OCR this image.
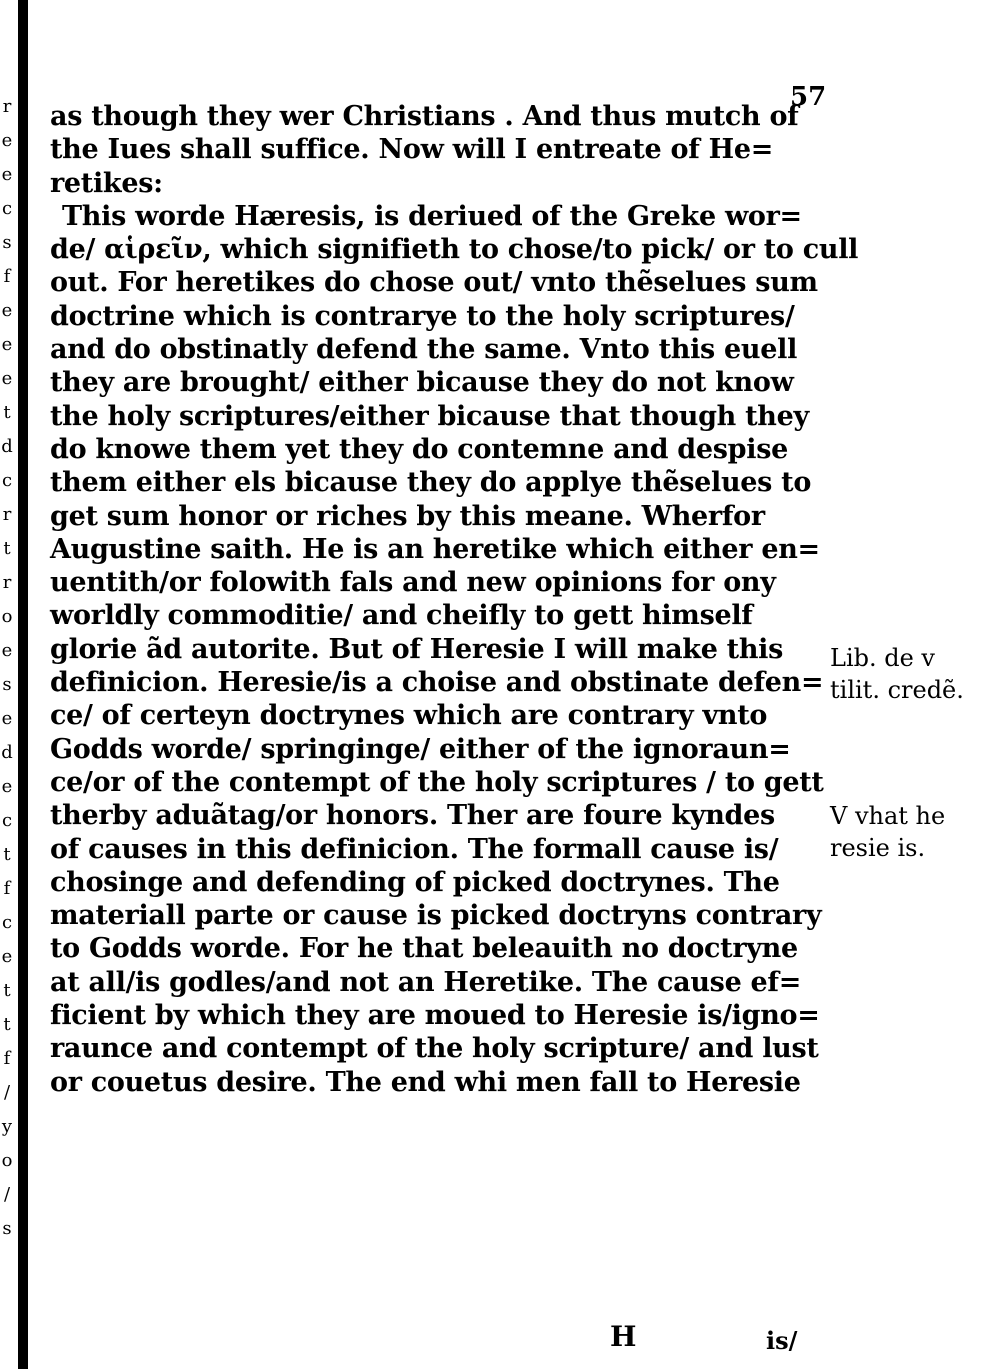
r
e
e
c
s
f
e
e
e
t
d
c
r
t
r
o
e
s
e
d
e
c
t
f
c
e
t
t
f
/
y
o
/
s
57
as though they wer Christians . And thus mutch of
the Iues shall suffice. Now will I entreate of He=
retikes:
This worde Hæresis, is deriued of the Greke wor=
de/ αἱρεῖν, which signifieth to chose/to pick/ or to cull
out. For heretikes do chose out/ vnto thẽselues sum
doctrine which is contrarye to the holy scriptures/
and do obstinatly defend the same. Vnto this euell
they are brought/ either bicause they do not know
the holy scriptures/either bicause that though they
do knowe them yet they do contemne and despise
them either els bicause they do applye thẽselues to
get sum honor or riches by this meane. Wherfor
Augustine saith. He is an heretike which either en=
uentith/or folowith fals and new opinions for ony
worldly commoditie/ and cheifly to gett himself
glorie ãd autorite. But of Heresie I will make this
definicion. Heresie/is a choise and obstinate defen=
ce/ of certeyn doctrynes which are contrary vnto
Godds worde/ springinge/ either of the ignoraun=
ce/or of the contempt of the holy scriptures / to gett
therby aduãtag/or honors. Ther are foure kyndes
of causes in this definicion. The formall cause is/
chosinge and defending of picked doctrynes. The
materiall parte or cause is picked doctryns contrary
to Godds worde. For he that beleauith no doctryne
at all/is godles/and not an Heretike. The cause ef=
ficient by which they are moued to Heresie is/igno=
raunce and contempt of the holy scripture/ and lust
or couetus desire. The end whi men fall to Heresie
Lib. de v
tilit. credẽ.
V vhat he
resie is.
H	is/
